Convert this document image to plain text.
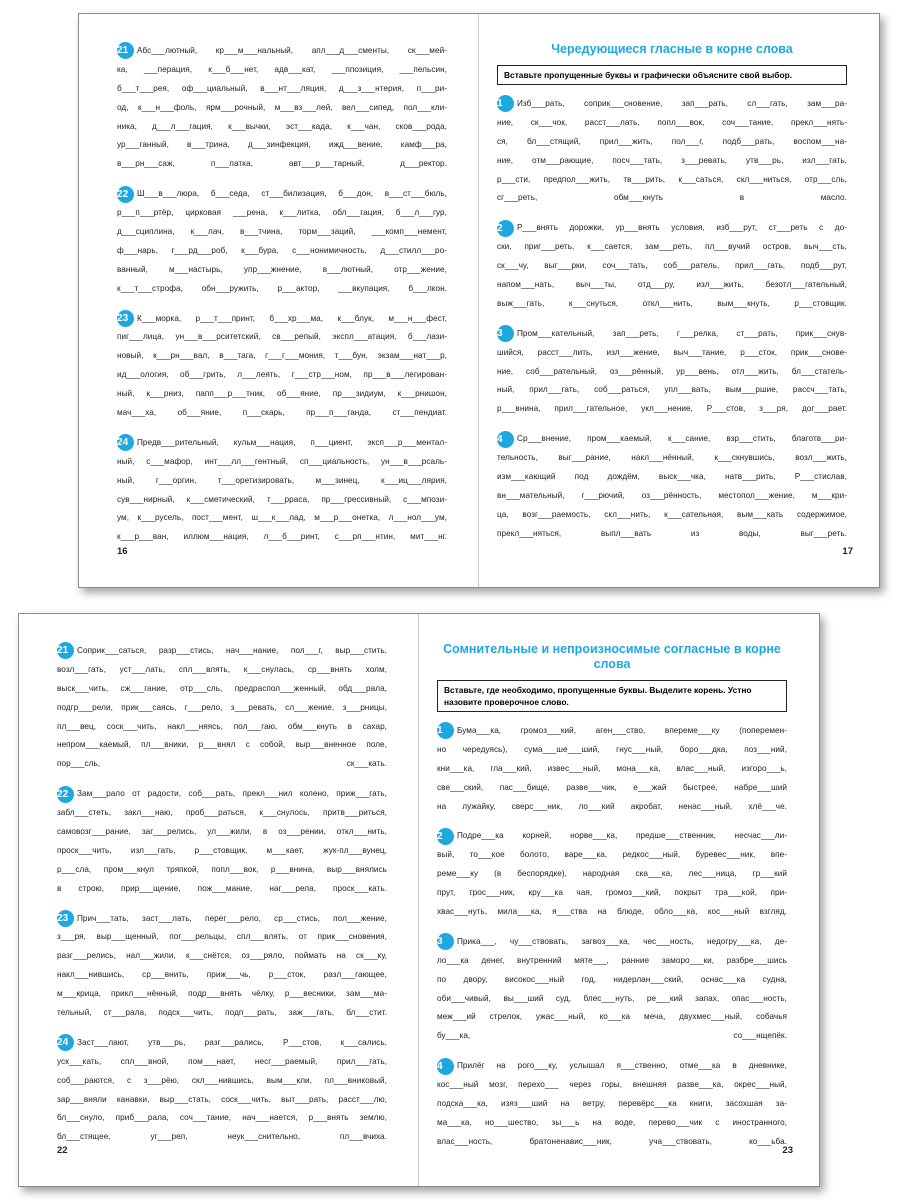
21 Абс___лютный, кр___м___нальный, апл___д___сменты, ск___мей-
ка, ___перация, к___б___нет, адв___кат, ___ппозиция, ___пельсин,
б___т___рея, оф___циальный, в___нт___ляция, д___з___нтерия, п___ри-
од, к___н___фоль, ярм___рочный, м___вз___лей, вел___сипед, пол___кли-
ника, д___л___гация, к___вычки, эст___када, к___чан, сков___рода,
ур___ганный, в___трина, д___зинфекция, ижд___вение, камф___ра,
в___рн___саж, п___латка, авт___р___тарный, д___ректор.
22 Ш___в___люра, б___седа, ст___билизация, б___дон, в___ст___бюль,
р___п___ртёр, цирковая ___рена, к___литка, обл___гация, б___л___гур,
д___сциплина, к___лач, в___тчина, торм___заций, ___комп___немент,
ф___нарь, г___рд___роб, к___бура, с___нонимичность, д___стилл___ро-
ванный, м___настырь, упр___жнение, в___лютный, отр___жение,
к___т___строфа, обн___ружить, р___актор, ___вкупация, б___лкон.
23 К___морка, р___т___принт, б___хр___ма, к___блук, м___н___фест,
пиг___лица, ун___в___рситетский, св___репый, экспл___атация, б___лази-
новый, к___рн___вал, в___тага, г___г___мония, т___бун, экзам___нат___р,
ид___ология, об___грить, л___леять, г___стр___ном, пр___в___легирован-
ный, к___рниз, папп___р___тник, об___яние, пр___зидиум, к___рнишон,
мач___ха, об___яние, п___скарь, пр___п___ганда, ст___пендиат.
24 Предв___рительный, кульм___нация, п___циент, эксп___р___ментал-
ный, с___мафор, инт___лл___гентный, сп___циальность, ун___в___рсаль-
ный, г___оргин, т___оретизировать, м___зинец, к___иц___лярия,
сув___нирный, к___сметический, т___рраса, пр___грессивный, с___мпози-
ум, к___русель, пост___мент, ш___к___лад, м___р___онетка, л___нол___ум,
к___р___ван, иллюм___нация, л___б___ринт, с___рп___нтин, мит___нг.
16
Чередующиеся гласные в корне слова
Вставьте пропущенные буквы и графически объясните свой выбор.
1 Изб___рать, соприк___сновение, зап___рать, сл___гать, зам___ра-
ние, ск___чок, расст___лать, попл___вок, соч___тание, прекл___нять-
ся, бл___стящий, прил___жить, пол___г, подб___рать, воспом___на-
ние, отм___рающие, посч___тать, з___ревать, утв___рь, изл___гать,
р___сти, предпол___жить, тв___рить, к___саться, скл___ниться, отр___сль,
сг___реть, обм___кнуть в масло.
2 Р___внять дорожки, ур___внять условия, изб___рут, ст___реть с до-
ски, приг___реть, к___сается, зам___реть, пл___вучий остров, выч___сть,
ск___чу, выг___рки, соч___тать, соб___ратель, прил___гать, подб___рут,
напом___нать, выч___ты, отд___ру, изл___жить, безотл___гательный,
выж___гать, к___снуться, откл___нить, вым___кнуть, р___стовщик.
3 Пром___кательный, зап___реть, г___релка, ст___рать, прик___снув-
шийся, расст___лить, изл___жение, выч___тание, р___сток, прик___снове-
ние, соб___рательный, оз___рённый, ур___вень, отл___жить, бл___статель-
ный, прил___гать, соб___раться, упл___вать, вым___ршие, рассч___тать,
р___внина, прил___гательное, укл___нение, Р___стов, з___ря, дог___рает.
4 Ср___внение, пром___каемый, к___сание, взр___стить, благотв___ри-
тельность, выг___рание, накл___нённый, к___скнувшись, возл___жить,
изм___кающий под дождём, выск___чка, натв___рить, Р___стислав,
вн___мательный, г___рючий, оз___рённость, местопол___жение, м___кри-
ца, возг___раемость, скл___нить, к___сательная, вым___кать содержимое,
прекл___няться, выпл___вать из воды, выг___реть.
17
21 Соприк___саться, разр___стись, нач___нание, пол___г, выр___стить,
возл___гать, уст___лать, спл___влять, к___снулась, ср___внять холм,
выск___чить, сж___гание, отр___сль, предраспол___женный, обд___рала,
подгр___рели, прик___саясь, г___рело, з___ревать, сл___жение, з___рницы,
пл___вец, соск___чить, накл___няясь, пол___гаю, обм___кнуть в сахар,
непром___каемый, пл___вники, р___внял с собой, выр___вненное поле,
пор___сль, ск___кать.
22 Зам___рало от радости, соб___рать, прекл___нил колено, приж___гать,
забл___стеть, закл___наю, проб___раться, к___снулось, притв___риться,
самовозг___рание, заг___релись, ул___жили, в оз___рении, откл___нить,
проск___чить, изл___гать, р___стовщик, м___кает, жук-пл___вунец,
р___сла, пром___кнул тряпкой, попл___вок, р___внина, выр___внялись
в строю, прир___щение, пож___мание, наг___рела, проск___кать.
23 Прич___тать, заст___лать, перег___рело, ср___стись, пол___жение,
з___ря, выр___щенный, пог___рельцы, спл___влять, от прик___сновения,
разг___релись, нал___жили, к___снётся, оз___ряло, поймать на ск___ку,
накл___нившись, ср___внить, приж___чь, р___сток, разл___гающее,
м___крица, прикл___нённый, подр___внять чёлку, р___весники, зам___ма-
тельный, ст___рала, подск___чить, подп___рать, заж___гать, бл___стит.
24 Заст___лают, утв___рь, разг___рались, Р___стов, к___сались,
уск___кать, спл___вной, пом___нает, несг___раемый, прил___гать,
соб___раются, с з___рёю, скл___нившись, вым___кли, пл___вниковый,
зар___вняли канавки, выр___стать, соск___чить, выт___рать, расст___лю,
бл___снуло, приб___рала, соч___тание, нач___нается, р___внять землю,
бл___стящее, уг___рел, неук___снительно, пл___вчиха.
22
Сомнительные и непроизносимые согласные в корне слова
Вставьте, где необходимо, пропущенные буквы. Выделите корень. Устно назовите проверочное слово.
1 Бума___ка, громоз___кий, аген___ство, вперемe___ку (поперемен-
но чередуясь), сума___ше___ший, гнус___ный, боро___дка, поз___ний,
кни___ка, гла___кий, извес___ный, мона___ка, влас___ный, изгоро___ь,
све___ский, пас___бище, разве___чик, е___жай быстрее, набре___ший
на лужайку, сверс___ник, ло___кий акробат, ненас___ный, хлё___че.
2 Подре___ка корней, норве___ка, предше___ственник, несчас___ли-
вый, то___кое болото, варе___ка, редкос___ный, буревес___ник, впе-
реме___ку (в беспорядке), народная ска___ка, лес___ница, гр___кий
прут, трос___ник, кру___ка чая, громоз___кий, покрыт тра___кой, при-
хвас___нуть, мила___ка, я___ства на блюде, обло___ка, кос___ный взгляд.
3 Прика___, чу___ствовать, загвоз___ка, чес___ность, недогру___ка, де-
ло___ка денег, внутренний мяте___, ранние заморо___ки, разбре___шись
по двору, високос___ный год, нидерлан___ский, оснас___ка судна,
оби___чивый, вы___ший суд, блес___нуть, ре___кий запах, опас___ность,
меж___ий стрелок, ужас___ный, ко___ка меча, двухмес___ный, собачья
бу___ка, со___нщепёк.
4 Прилёг на рого___ку, услышал я___ственно, отме___ка в дневнике,
кос___ный мозг, перехо___ через горы, внешняя разве___ка, окрес___ный,
подска___ка, изяз___ший на ветру, перевёрс___ка книги, засохшая за-
ма___ка, но___шество, зы___ь на воде, перево___чик с иностранного,
влас___ность, братоненавис___ник, уча___ствовать, ко___ьба.
23
